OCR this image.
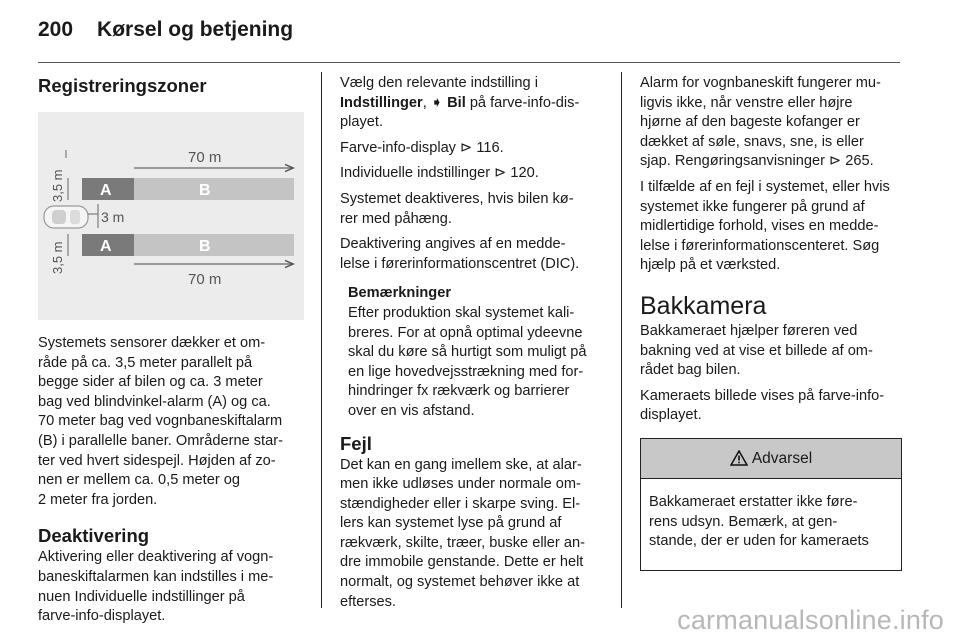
200 Kørsel og betjening
Registreringszoner
70 m
A	B
3,5 m
3 m
A	B
3,5 m
70 m
Systemets sensorer dækker et om-
råde på ca. 3,5 meter parallelt på
begge sider af bilen og ca. 3 meter
bag ved blindvinkel-alarm (A) og ca.
70 meter bag ved vognbaneskiftalarm
(B) i parallelle baner. Områderne star-
ter ved hvert sidespejl. Højden af zo-
nen er mellem ca. 0,5 meter og
2 meter fra jorden.
Deaktivering
Aktivering eller deaktivering af vogn-
baneskiftalarmen kan indstilles i me-
nuen Individuelle indstillinger på
farve-info-displayet.
Vælg den relevante indstilling i
Indstillinger, ➧ Bil på farve-info-dis-
playet.
Farve-info-display ⊳ 116.
Individuelle indstillinger ⊳ 120.
Systemet deaktiveres, hvis bilen kø-
rer med påhæng.
Deaktivering angives af en medde-
lelse i førerinformationscentret (DIC).
Bemærkninger
Efter produktion skal systemet kali-
breres. For at opnå optimal ydeevne
skal du køre så hurtigt som muligt på
en lige hovedvejsstrækning med for-
hindringer fx rækværk og barrierer
over en vis afstand.
Fejl
Det kan en gang imellem ske, at alar-
men ikke udløses under normale om-
stændigheder eller i skarpe sving. El-
lers kan systemet lyse på grund af
rækværk, skilte, træer, buske eller an-
dre immobile genstande. Dette er helt
normalt, og systemet behøver ikke at
efterses.
Alarm for vognbaneskift fungerer mu-
ligvis ikke, når venstre eller højre
hjørne af den bageste kofanger er
dækket af søle, snavs, sne, is eller
sjap. Rengøringsanvisninger ⊳ 265.
I tilfælde af en fejl i systemet, eller hvis
systemet ikke fungerer på grund af
midlertidige forhold, vises en medde-
lelse i førerinformationscenteret. Søg
hjælp på et værksted.
Bakkamera
Bakkameraet hjælper føreren ved
bakning ved at vise et billede af om-
rådet bag bilen.
Kameraets billede vises på farve-info-
displayet.
Advarsel
Bakkameraet erstatter ikke føre-
rens udsyn. Bemærk, at gen-
stande, der er uden for kameraets
carmanualsonline.info
